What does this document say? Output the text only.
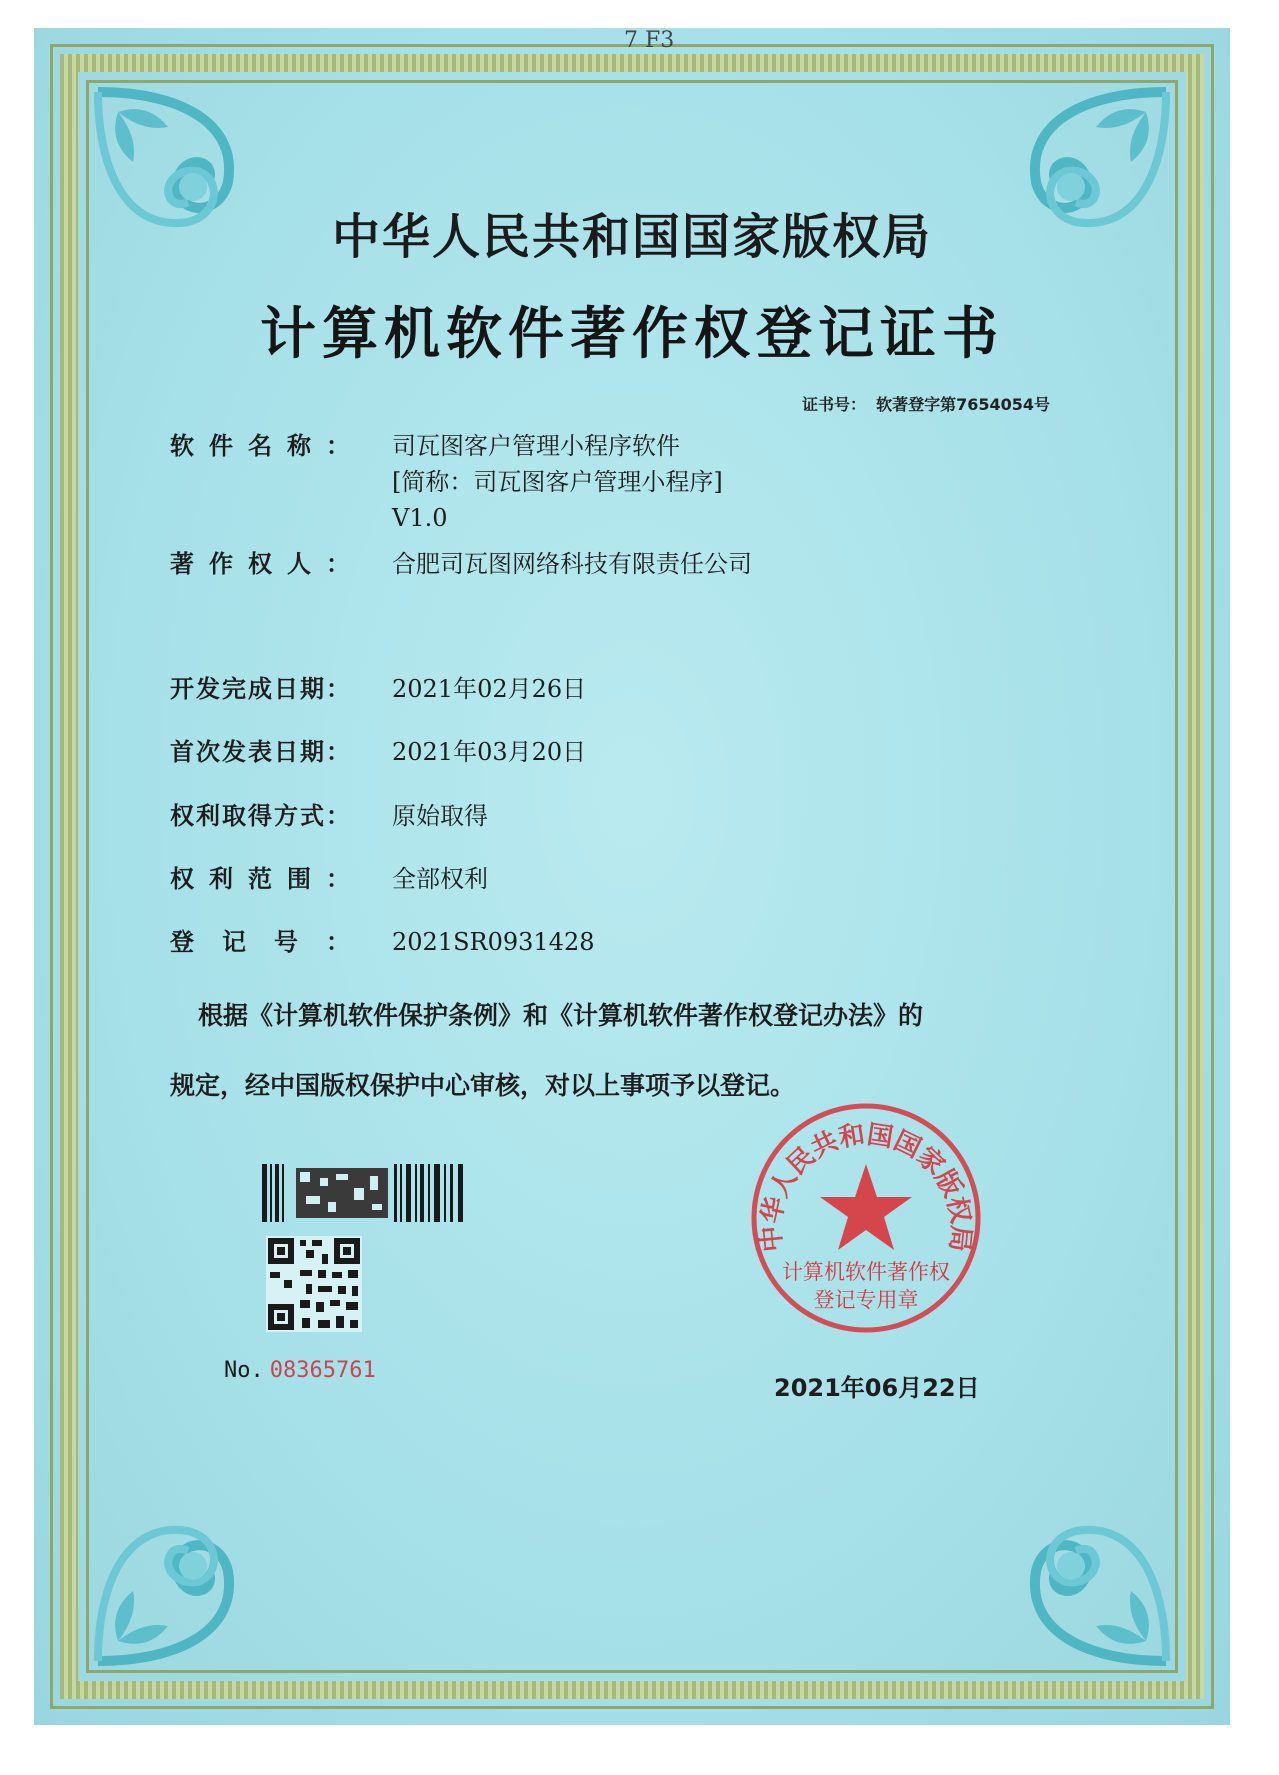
7 F3
中华人民共和国国家版权局
计算机软件著作权登记证书
证书号： 软著登字第7654054号
软件名称： 司瓦图客户管理小程序软件
[简称：司瓦图客户管理小程序]
V1.0
著作权人： 合肥司瓦图网络科技有限责任公司
开发完成日期： 2021年02月26日
首次发表日期： 2021年03月20日
权利取得方式： 原始取得
权利范围： 全部权利
登记号： 2021SR0931428
根据《计算机软件保护条例》和《计算机软件著作权登记办法》的
规定，经中国版权保护中心审核，对以上事项予以登记。
No. 08365761
中华人民共和国国家版权局
计算机软件著作权
登记专用章
2021年06月22日
